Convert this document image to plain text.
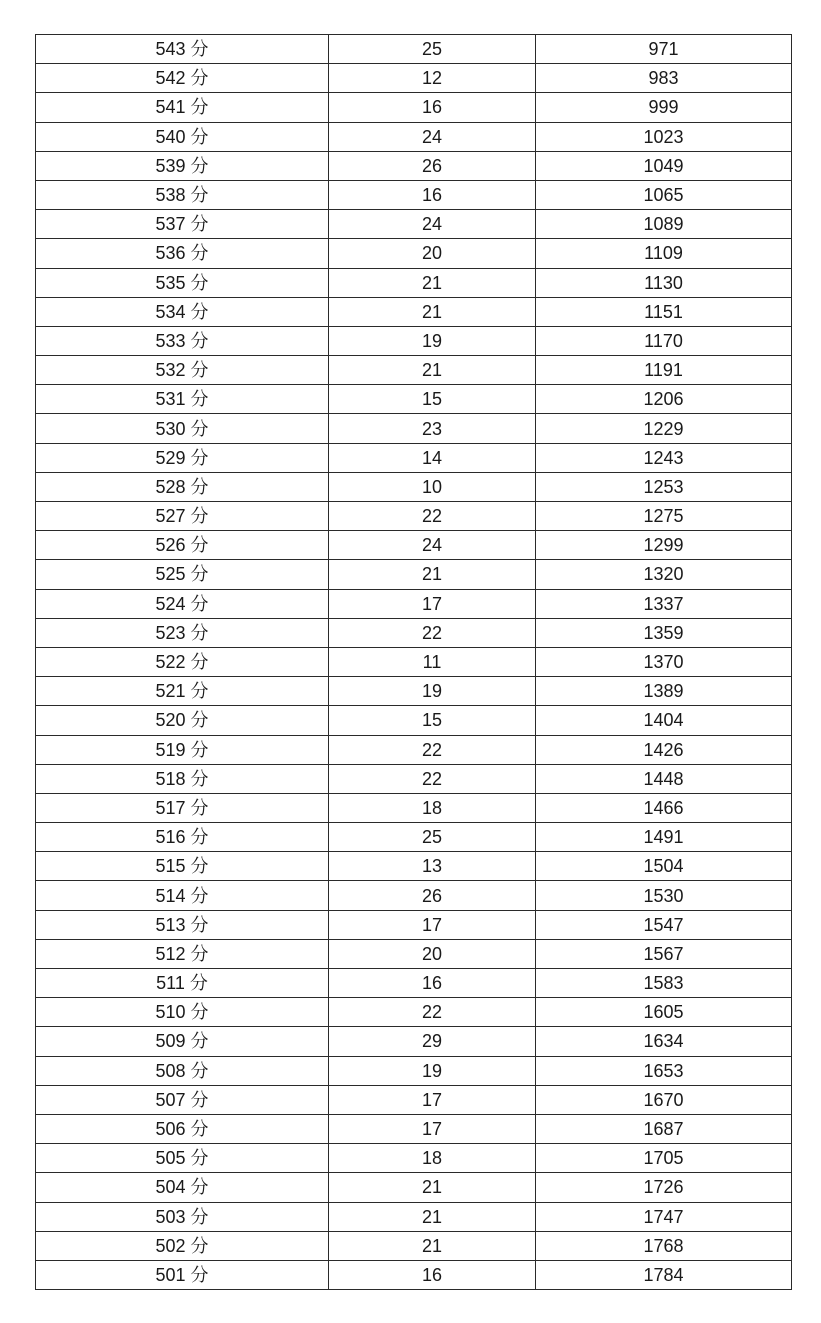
543 分	25	971
542 分	12	983
541 分	16	999
540 分	24	1023
539 分	26	1049
538 分	16	1065
537 分	24	1089
536 分	20	1109
535 分	21	1130
534 分	21	1151
533 分	19	1170
532 分	21	1191
531 分	15	1206
530 分	23	1229
529 分	14	1243
528 分	10	1253
527 分	22	1275
526 分	24	1299
525 分	21	1320
524 分	17	1337
523 分	22	1359
522 分	11	1370
521 分	19	1389
520 分	15	1404
519 分	22	1426
518 分	22	1448
517 分	18	1466
516 分	25	1491
515 分	13	1504
514 分	26	1530
513 分	17	1547
512 分	20	1567
511 分	16	1583
510 分	22	1605
509 分	29	1634
508 分	19	1653
507 分	17	1670
506 分	17	1687
505 分	18	1705
504 分	21	1726
503 分	21	1747
502 分	21	1768
501 分	16	1784
